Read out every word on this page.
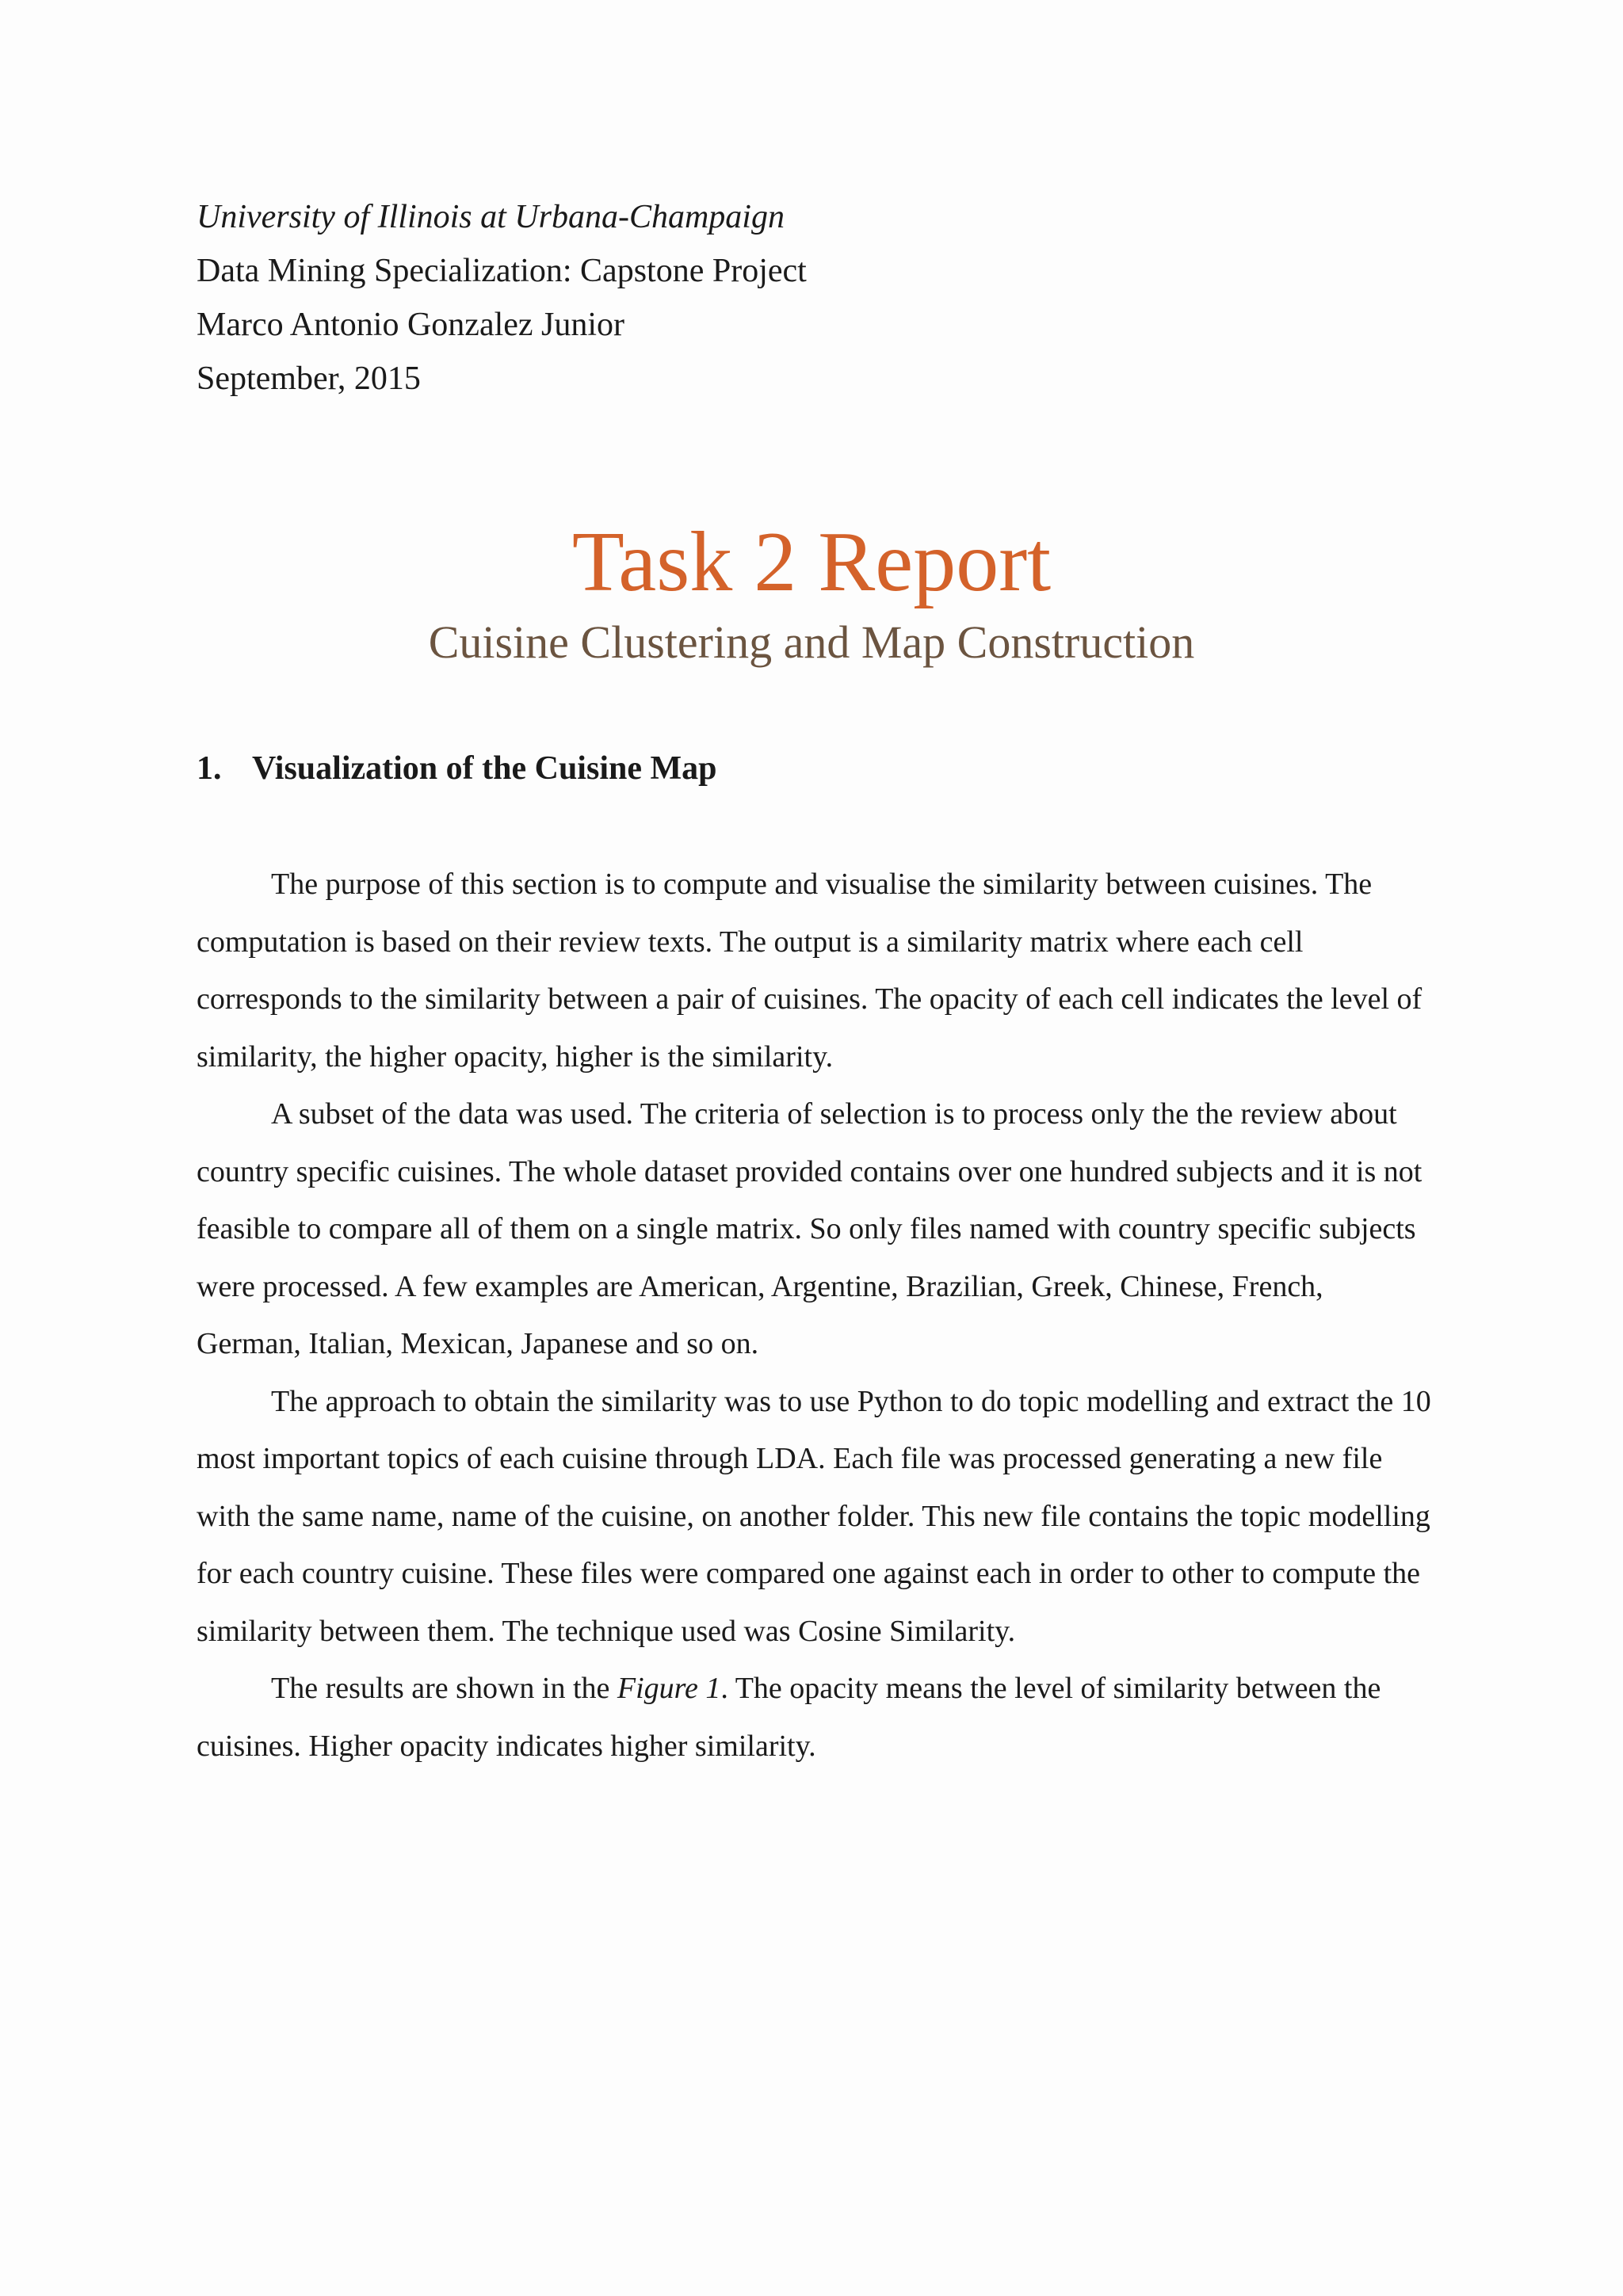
University of Illinois at Urbana-Champaign
Data Mining Specialization: Capstone Project
Marco Antonio Gonzalez Junior
September, 2015
Task 2 Report
Cuisine Clustering and Map Construction
1. Visualization of the Cuisine Map

The purpose of this section is to compute and visualise the similarity between cuisines. The computation is based on their review texts. The output is a similarity matrix where each cell corresponds to the similarity between a pair of cuisines. The opacity of each cell indicates the level of similarity, the higher opacity, higher is the similarity.

A subset of the data was used. The criteria of selection is to process only the the review about country specific cuisines. The whole dataset provided contains over one hundred subjects and it is not feasible to compare all of them on a single matrix. So only files named with country specific subjects were processed. A few examples are American, Argentine, Brazilian, Greek, Chinese, French, German, Italian, Mexican, Japanese and so on.

The approach to obtain the similarity was to use Python to do topic modelling and extract the 10 most important topics of each cuisine through LDA. Each file was processed generating a new file with the same name, name of the cuisine, on another folder. This new file contains the topic modelling for each country cuisine. These files were compared one against each in order to other to compute the similarity between them. The technique used was Cosine Similarity.

The results are shown in the Figure 1. The opacity means the level of similarity between the cuisines. Higher opacity indicates higher similarity.
